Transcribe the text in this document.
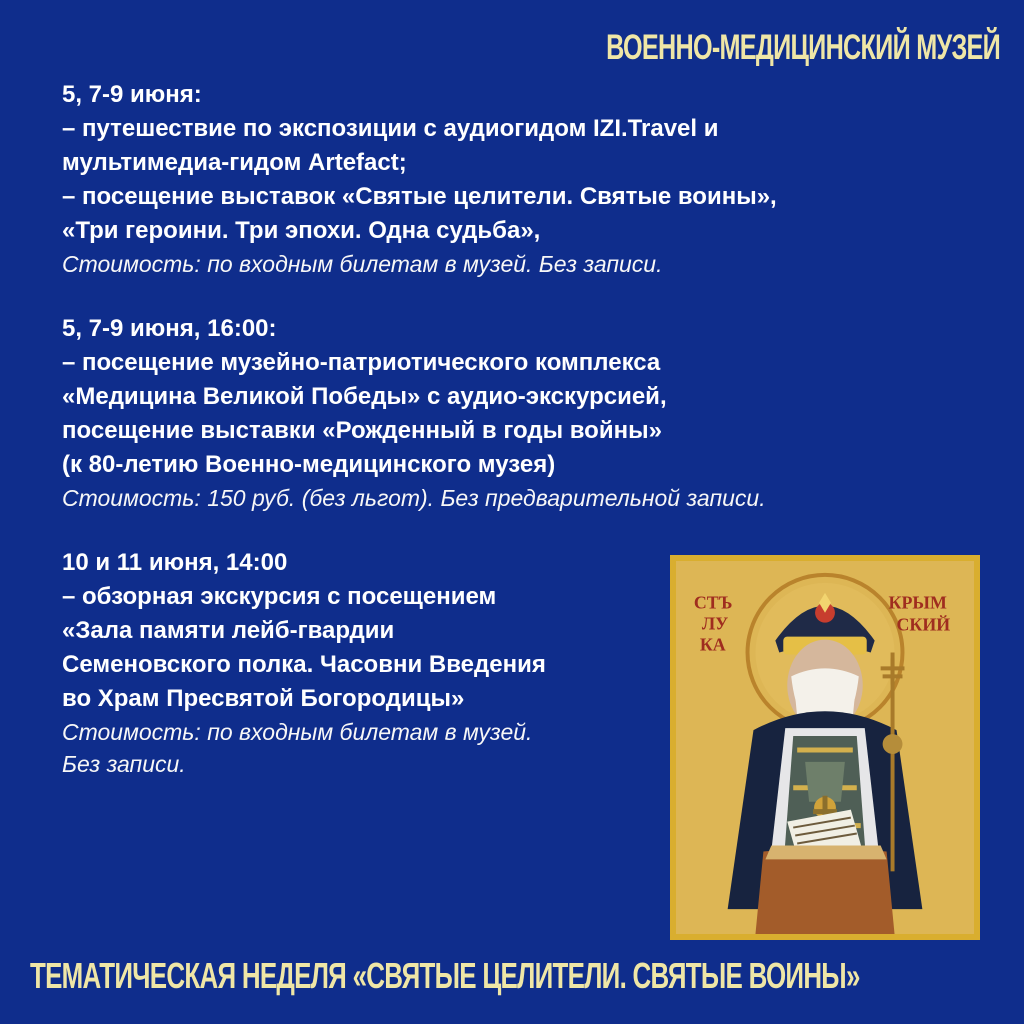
ВОЕННО-МЕДИЦИНСКИЙ МУЗЕЙ
5, 7-9 июня:
– путешествие по экспозиции с аудиогидом IZI.Travel и
мультимедиа-гидом Artefact;
– посещение выставок «Святые целители. Святые воины»,
«Три героини. Три эпохи. Одна судьба»,
Стоимость: по входным билетам в музей. Без записи.
5, 7-9 июня, 16:00:
– посещение музейно-патриотического комплекса
«Медицина Великой Победы» с аудио-экскурсией,
посещение выставки «Рожденный в годы войны»
(к 80-летию Военно-медицинского музея)
Стоимость: 150 руб. (без льгот). Без предварительной записи.
10 и 11 июня, 14:00
– обзорная экскурсия с посещением
«Зала памяти лейб-гвардии
Семеновского полка. Часовни Введения
во Храм Пресвятой Богородицы»
Стоимость: по входным билетам в музей.
Без записи.
СТЪ
ЛУ
КА
КРЫМ
СКИЙ
ТЕМАТИЧЕСКАЯ НЕДЕЛЯ «СВЯТЫЕ ЦЕЛИТЕЛИ. СВЯТЫЕ ВОИНЫ»
